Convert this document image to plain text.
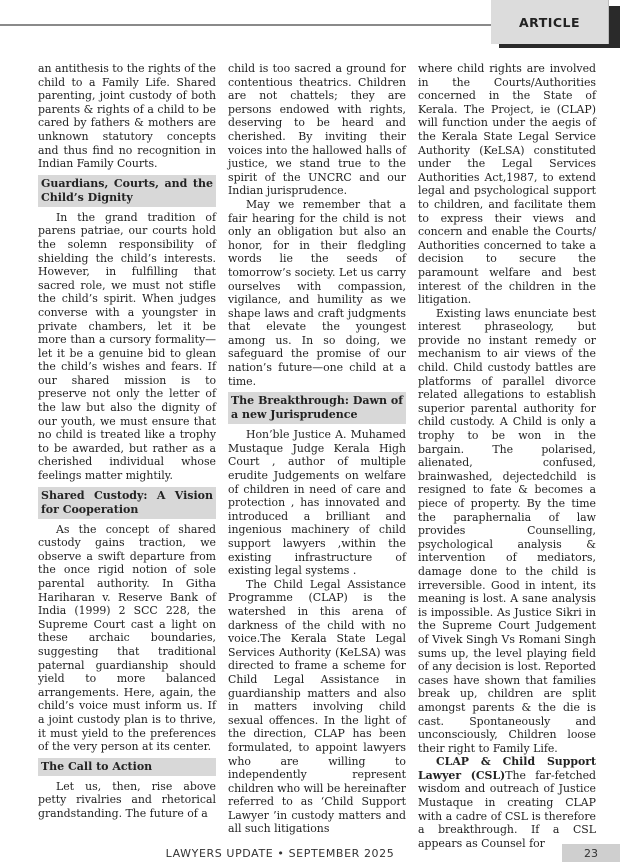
ARTICLE

an antithesis to the rights of the child to a Family Life. Shared parenting, joint custody of both parents & rights of a child to be cared by fathers & mothers are unknown statutory concepts and thus find no recognition in Indian Family Courts.

Guardians, Courts, and the Child’s Dignity

In the grand tradition of parens patriae, our courts hold the solemn responsibility of shielding the child’s interests. However, in fulfilling that sacred role, we must not stifle the child’s spirit. When judges converse with a youngster in private chambers, let it be more than a cursory formality—let it be a genuine bid to glean the child’s wishes and fears. If our shared mission is to preserve not only the letter of the law but also the dignity of our youth, we must ensure that no child is treated like a trophy to be awarded, but rather as a cherished individual whose feelings matter mightily.

Shared Custody: A Vision for Cooperation

As the concept of shared custody gains traction, we observe a swift departure from the once rigid notion of sole parental authority. In Githa Hariharan v. Reserve Bank of India (1999) 2 SCC 228, the Supreme Court cast a light on these archaic boundaries, suggesting that traditional paternal guardianship should yield to more balanced arrangements. Here, again, the child’s voice must inform us. If a joint custody plan is to thrive, it must yield to the preferences of the very person at its center.

The Call to Action

Let us, then, rise above petty rivalries and rhetorical grandstanding. The future of a

child is too sacred a ground for contentious theatrics. Children are not chattels; they are persons endowed with rights, deserving to be heard and cherished. By inviting their voices into the hallowed halls of justice, we stand true to the spirit of the UNCRC and our Indian jurisprudence.

May we remember that a fair hearing for the child is not only an obligation but also an honor, for in their fledgling words lie the seeds of tomorrow’s society. Let us carry ourselves with compassion, vigilance, and humility as we shape laws and craft judgments that elevate the youngest among us. In so doing, we safeguard the promise of our nation’s future—one child at a time.

The Breakthrough: Dawn of a new Jurisprudence

Hon’ble Justice A. Muhamed Mustaque Judge Kerala High Court , author of multiple erudite Judgements on welfare of children in need of care and protection , has innovated and introduced a brilliant and ingenious machinery of child support lawyers ,within the existing infrastructure of existing legal systems .

The Child Legal Assistance Programme (CLAP) is the watershed in this arena of darkness of the child with no voice.The Kerala State Legal Services Authority (KeLSA) was directed to frame a scheme for Child Legal Assistance in guardianship matters and also in matters involving child sexual offences. In the light of the direction, CLAP has been formulated, to appoint lawyers who are willing to independently represent children who will be hereinafter referred to as ‘Child Support Lawyer ’in custody matters and all such litigations

where child rights are involved in the Courts/Authorities concerned in the State of Kerala. The Project, ie (CLAP) will function under the aegis of the Kerala State Legal Service Authority (KeLSA) constituted under the Legal Services Authorities Act,1987, to extend legal and psychological support to children, and facilitate them to express their views and concern and enable the Courts/ Authorities concerned to take a decision to secure the paramount welfare and best interest of the children in the litigation.

Existing laws enunciate best interest phraseology, but provide no instant remedy or mechanism to air views of the child. Child custody battles are platforms of parallel divorce related allegations to establish superior parental authority for child custody. A Child is only a trophy to be won in the bargain. The polarised, alienated, confused, brainwashed, dejectedchild is resigned to fate & becomes a piece of property. By the time the paraphernalia of law provides Counselling, psychological analysis & intervention of mediators, damage done to the child is irreversible. Good in intent, its meaning is lost. A sane analysis is impossible. As Justice Sikri in the Supreme Court Judgement of Vivek Singh Vs Romani Singh sums up, the level playing field of any decision is lost. Reported cases have shown that families break up, children are split amongst parents & the die is cast. Spontaneously and unconsciously, Children loose their right to Family Life.

CLAP & Child Support Lawyer (CSL)The far-fetched wisdom and outreach of Justice Mustaque in creating CLAP with a cadre of CSL is therefore a breakthrough. If a CSL appears as Counsel for

LAWYERS UPDATE • SEPTEMBER 2025	23
